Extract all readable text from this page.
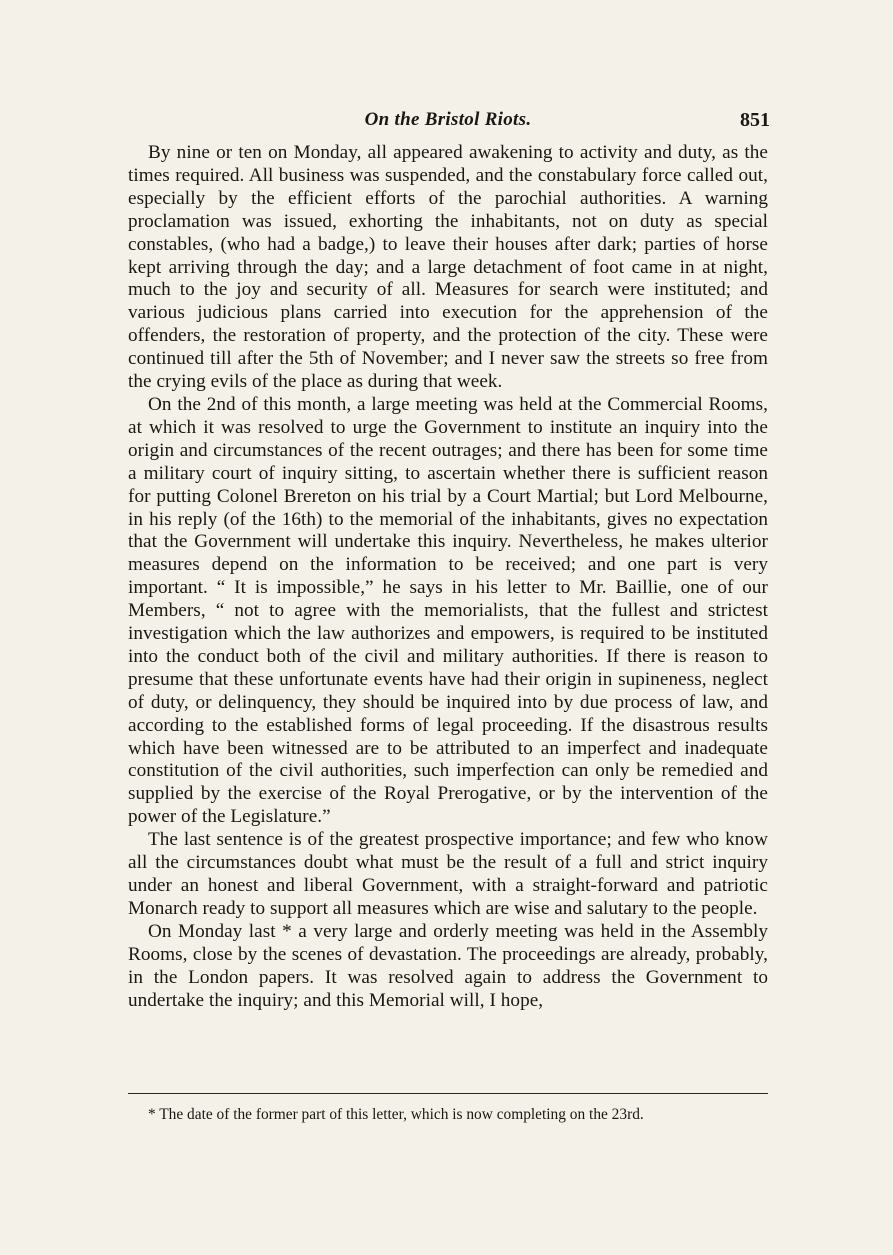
On the Bristol Riots.	851

By nine or ten on Monday, all appeared awakening to activity and duty, as the times required. All business was suspended, and the constabulary force called out, especially by the efficient efforts of the parochial authorities. A warning proclamation was issued, exhorting the inhabitants, not on duty as special constables, (who had a badge,) to leave their houses after dark; parties of horse kept arriving through the day; and a large detachment of foot came in at night, much to the joy and security of all. Measures for search were instituted; and various judicious plans carried into execution for the apprehension of the offenders, the restoration of property, and the protection of the city. These were continued till after the 5th of November; and I never saw the streets so free from the crying evils of the place as during that week.

On the 2nd of this month, a large meeting was held at the Commercial Rooms, at which it was resolved to urge the Government to institute an inquiry into the origin and circumstances of the recent outrages; and there has been for some time a military court of inquiry sitting, to ascertain whether there is sufficient reason for putting Colonel Brereton on his trial by a Court Martial; but Lord Melbourne, in his reply (of the 16th) to the memorial of the inhabitants, gives no expectation that the Government will undertake this inquiry. Nevertheless, he makes ulterior measures depend on the information to be received; and one part is very important. “ It is impossible,” he says in his letter to Mr. Baillie, one of our Members, “ not to agree with the memorialists, that the fullest and strictest investigation which the law authorizes and empowers, is required to be instituted into the conduct both of the civil and military authorities. If there is reason to presume that these unfortunate events have had their origin in supineness, neglect of duty, or delinquency, they should be inquired into by due process of law, and according to the established forms of legal proceeding. If the disastrous results which have been witnessed are to be attributed to an imperfect and inadequate constitution of the civil authorities, such imperfection can only be remedied and supplied by the exercise of the Royal Prerogative, or by the intervention of the power of the Legislature.”

The last sentence is of the greatest prospective importance; and few who know all the circumstances doubt what must be the result of a full and strict inquiry under an honest and liberal Government, with a straight-forward and patriotic Monarch ready to support all measures which are wise and salutary to the people.

On Monday last * a very large and orderly meeting was held in the Assembly Rooms, close by the scenes of devastation. The proceedings are already, probably, in the London papers. It was resolved again to address the Government to undertake the inquiry; and this Memorial will, I hope,

* The date of the former part of this letter, which is now completing on the 23rd.
